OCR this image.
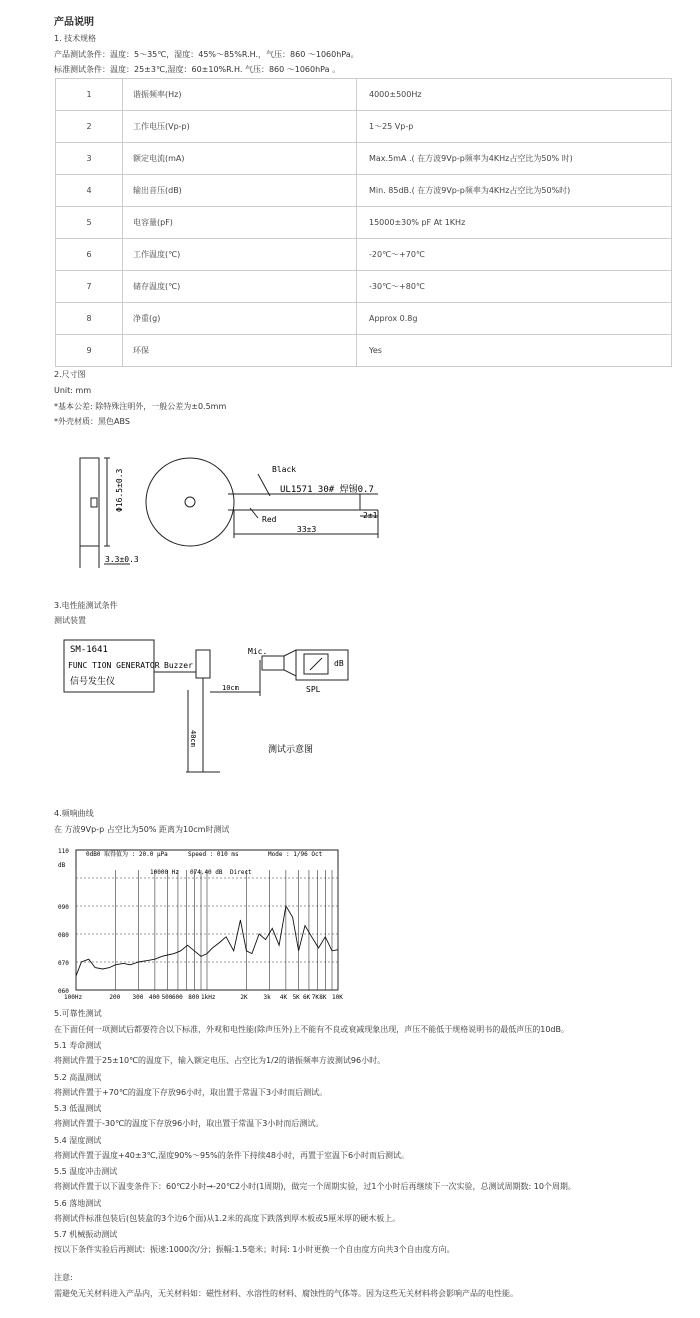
产品说明
1. 技术规格
产品测试条件：温度：5～35℃，湿度：45%～85%R.H.，气压：860 ～1060hPa。
标准测试条件：温度：25±3℃,湿度：60±10%R.H. 气压：860 ～1060hPa 。
1	谐振频率(Hz)	4000±500Hz
2	工作电压(Vp-p)	1～25 Vp-p
3	额定电流(mA)	Max.5mA .( 在方波9Vp-p频率为4KHz占空比为50% 时)
4	输出音压(dB)	Min. 85dB.( 在方波9Vp-p频率为4KHz占空比为50%时)
5	电容量(pF)	15000±30% pF At 1KHz
6	工作温度(℃)	-20℃～+70℃
7	储存温度(℃)	-30℃～+80℃
8	净重(g)	Approx 0.8g
9	环保	Yes
2.尺寸图
Unit: mm
*基本公差: 除特殊注明外，一般公差为±0.5mm
*外壳材质：黑色ABS
Φ16.5±0.3
3.3±0.3
Black
UL1571 30# 焊锡0.7
Red	2±1
33±3
3.电性能测试条件
测试装置
SM-1641
FUNC TION GENERATOR
信号发生仪
Buzzer
Mic.
dB
SPL
10cm
40cm
测试示意图
4.频响曲线
在 方波9Vp-p 占空比为50% 距离为10cm时测试
0dB0 取得值为 : 20.0 μPa	Speed : 010 ms	Mode : 1/96 Oct
10000 Hz 074.40 dB Direct
110
dB
090
080
070
060
100Hz	200 300 400 500 600 800 1kHz	2K	3k 4K 5K 6K 7K 8K 10K
5.可靠性测试
在下面任何一项测试后都要符合以下标准，外观和电性能(除声压外)上不能有不良或衰减现象出现，声压不能低于规格说明书的最低声压的10dB。
5.1 寿命测试
将测试件置于25±10℃的温度下，输入额定电压、占空比为1/2的谐振频率方波测试96小时。
5.2 高温测试
将测试件置于+70℃的温度下存放96小时，取出置于常温下3小时而后测试。
5.3 低温测试
将测试件置于-30℃的温度下存放96小时，取出置于常温下3小时而后测试。
5.4 湿度测试
将测试件置于温度+40±3℃,湿度90%～95%的条件下持续48小时，再置于室温下6小时而后测试。
5.5 温度冲击测试
将测试件置于以下温变条件下：60℃2小时→-20℃2小时(1周期)，做完一个周期实验，过1个小时后再继续下一次实验，总测试周期数: 10个周期。
5.6 落地测试
将测试件标准包装后(包装盒的3个边6个面)从1.2米的高度下跌落到厚木板或5厘米厚的硬木板上。
5.7 机械振动测试
按以下条件实验后再测试：振速:1000次/分；振幅:1.5毫米；时间: 1小时更换一个自由度方向共3个自由度方向。
注意:
需避免无关材料进入产品内，无关材料如：磁性材料、水溶性的材料、腐蚀性的气体等。因为这些无关材料将会影响产品的电性能。
